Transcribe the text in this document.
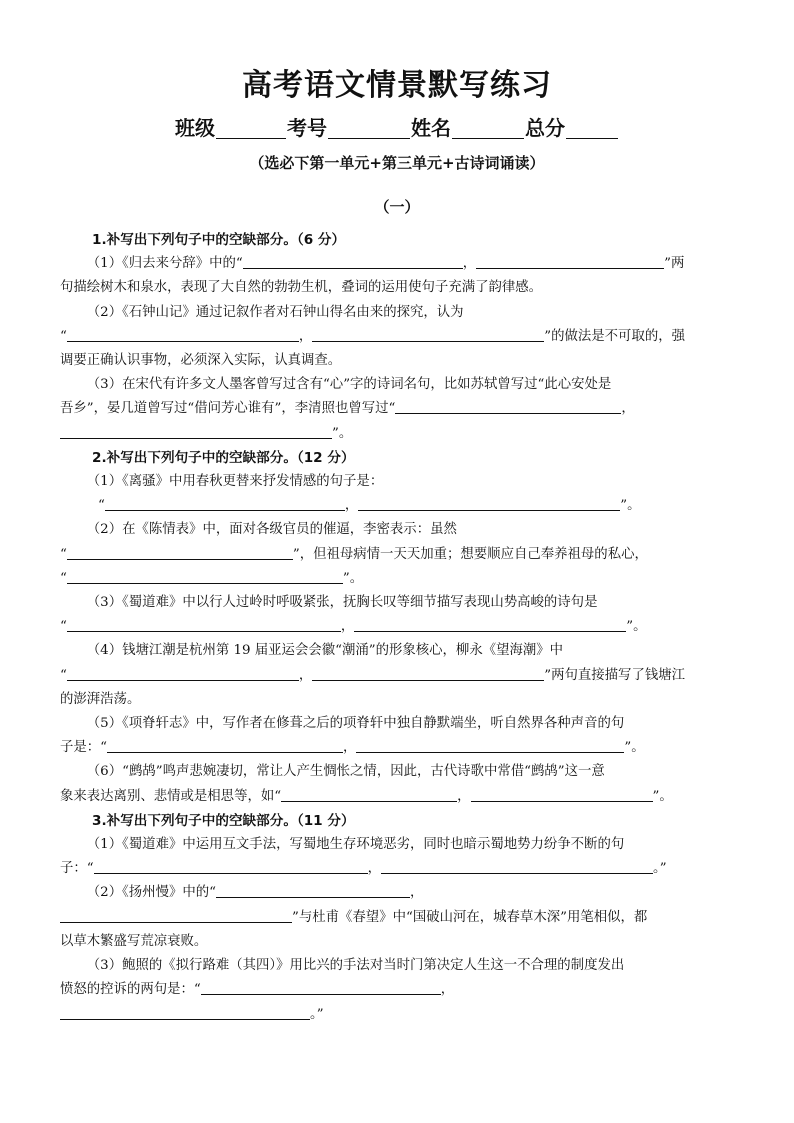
高考语文情景默写练习
班级	考号	姓名	总分
（选必下第一单元+第三单元+古诗词诵读）
（一）

1.补写出下列句子中的空缺部分。（6 分）

（1）《归去来兮辞》中的“	，	”两

句描绘树木和泉水，表现了大自然的勃勃生机，叠词的运用使句子充满了韵律感。

（2）《石钟山记》通过记叙作者对石钟山得名由来的探究，认为

“	，	”的做法是不可取的，强

调要正确认识事物，必须深入实际，认真调查。

（3）在宋代有许多文人墨客曾写过含有“心”字的诗词名句，比如苏轼曾写过“此心安处是

吾乡”，晏几道曾写过“借问芳心谁有”，李清照也曾写过“	，

”。

2.补写出下列句子中的空缺部分。（12 分）

（1）《离骚》中用春秋更替来抒发情感的句子是：

“	，	”。

（2）在《陈情表》中，面对各级官员的催逼，李密表示：虽然

“	”，但祖母病情一天天加重；想要顺应自己奉养祖母的私心，

“	”。

（3）《蜀道难》中以行人过岭时呼吸紧张，抚胸长叹等细节描写表现山势高峻的诗句是

“	，	”。

（4）钱塘江潮是杭州第 19 届亚运会会徽“潮涌”的形象核心，柳永《望海潮》中

“	，	”两句直接描写了钱塘江

的澎湃浩荡。

（5）《项脊轩志》中，写作者在修葺之后的项脊轩中独自静默端坐，听自然界各种声音的句

子是：“	，	”。

（6）“鹧鸪”鸣声悲婉凄切，常让人产生惆怅之情，因此，古代诗歌中常借“鹧鸪”这一意

象来表达离别、悲情或是相思等，如“	，	”。

3.补写出下列句子中的空缺部分。（11 分）

（1）《蜀道难》中运用互文手法，写蜀地生存环境恶劣，同时也暗示蜀地势力纷争不断的句

子：“	，	。”

（2）《扬州慢》中的“	，

”与杜甫《春望》中“国破山河在，城春草木深”用笔相似，都

以草木繁盛写荒凉衰败。

（3）鲍照的《拟行路难（其四）》用比兴的手法对当时门第决定人生这一不合理的制度发出

愤怒的控诉的两句是：“	，

。”
